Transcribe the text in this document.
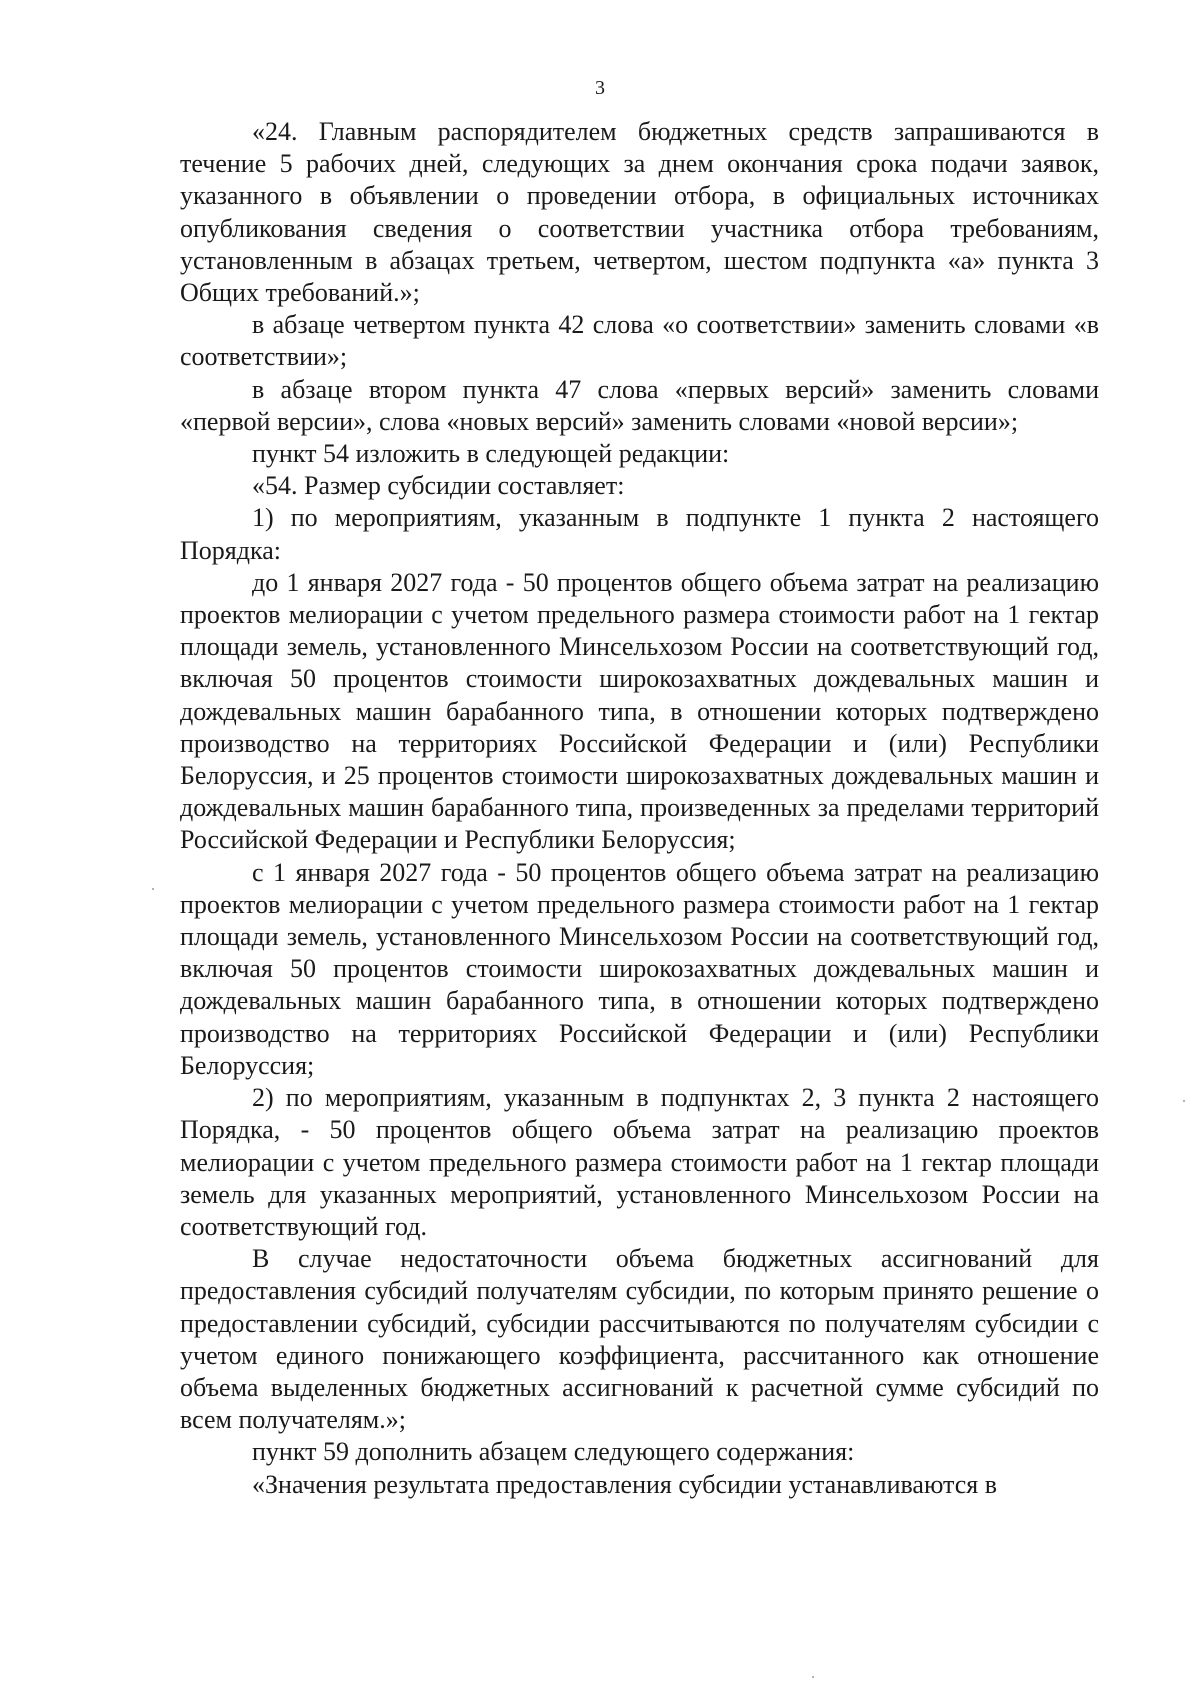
3

«24. Главным распорядителем бюджетных средств запрашиваются в течение 5 рабочих дней, следующих за днем окончания срока подачи заявок, указанного в объявлении о проведении отбора, в официальных источниках опубликования сведения о соответствии участника отбора требованиям, установленным в абзацах третьем, четвертом, шестом подпункта «а» пункта 3 Общих требований.»;

в абзаце четвертом пункта 42 слова «о соответствии» заменить словами «в соответствии»;

в абзаце втором пункта 47 слова «первых версий» заменить словами «первой версии», слова «новых версий» заменить словами «новой версии»;

пункт 54 изложить в следующей редакции:

«54. Размер субсидии составляет:

1) по мероприятиям, указанным в подпункте 1 пункта 2 настоящего Порядка:

до 1 января 2027 года - 50 процентов общего объема затрат на реализацию проектов мелиорации с учетом предельного размера стоимости работ на 1 гектар площади земель, установленного Минсельхозом России на соответствующий год, включая 50 процентов стоимости широкозахватных дождевальных машин и дождевальных машин барабанного типа, в отношении которых подтверждено производство на территориях Российской Федерации и (или) Республики Белоруссия, и 25 процентов стоимости широкозахватных дождевальных машин и дождевальных машин барабанного типа, произведенных за пределами территорий Российской Федерации и Республики Белоруссия;

с 1 января 2027 года - 50 процентов общего объема затрат на реализацию проектов мелиорации с учетом предельного размера стоимости работ на 1 гектар площади земель, установленного Минсельхозом России на соответствующий год, включая 50 процентов стоимости широкозахватных дождевальных машин и дождевальных машин барабанного типа, в отношении которых подтверждено производство на территориях Российской Федерации и (или) Республики Белоруссия;

2) по мероприятиям, указанным в подпунктах 2, 3 пункта 2 настоящего Порядка, - 50 процентов общего объема затрат на реализацию проектов мелиорации с учетом предельного размера стоимости работ на 1 гектар площади земель для указанных мероприятий, установленного Минсельхозом России на соответствующий год.

В случае недостаточности объема бюджетных ассигнований для предоставления субсидий получателям субсидии, по которым принято решение о предоставлении субсидий, субсидии рассчитываются по получателям субсидии с учетом единого понижающего коэффициента, рассчитанного как отношение объема выделенных бюджетных ассигнований к расчетной сумме субсидий по всем получателям.»;

пункт 59 дополнить абзацем следующего содержания:

«Значения результата предоставления субсидии устанавливаются в
